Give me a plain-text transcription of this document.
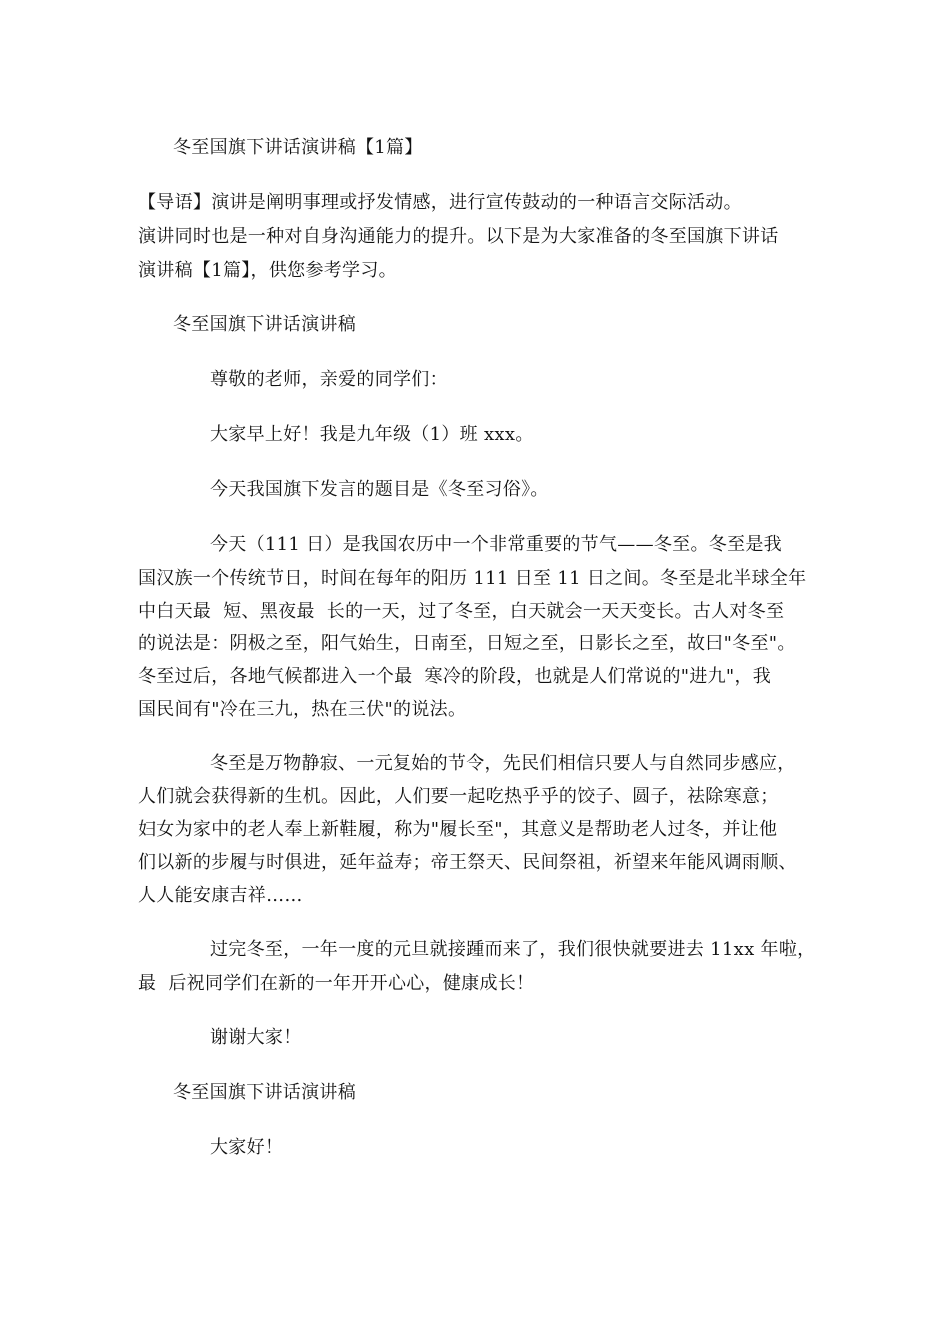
冬至国旗下讲话演讲稿【1篇】
【导语】演讲是阐明事理或抒发情感，进行宣传鼓动的一种语言交际活动。
演讲同时也是一种对自身沟通能力的提升。以下是为大家准备的冬至国旗下讲话
演讲稿【1篇】，供您参考学习。
冬至国旗下讲话演讲稿
尊敬的老师，亲爱的同学们：
大家早上好！我是九年级（1）班 xxx。
今天我国旗下发言的题目是《冬至习俗》。
今天（111 日）是我国农历中一个非常重要的节气——冬至。冬至是我
国汉族一个传统节日，时间在每年的阳历 111 日至 11 日之间。冬至是北半球全年
中白天最  短、黑夜最  长的一天，过了冬至，白天就会一天天变长。古人对冬至
的说法是：阴极之至，阳气始生，日南至，日短之至，日影长之至，故曰"冬至"。
冬至过后，各地气候都进入一个最  寒冷的阶段，也就是人们常说的"进九"，我
国民间有"冷在三九，热在三伏"的说法。
冬至是万物静寂、一元复始的节令，先民们相信只要人与自然同步感应，
人们就会获得新的生机。因此，人们要一起吃热乎乎的饺子、圆子，祛除寒意；
妇女为家中的老人奉上新鞋履，称为"履长至"，其意义是帮助老人过冬，并让他
们以新的步履与时俱进，延年益寿；帝王祭天、民间祭祖，祈望来年能风调雨顺、
人人能安康吉祥……
过完冬至，一年一度的元旦就接踵而来了，我们很快就要进去 11xx 年啦，
最  后祝同学们在新的一年开开心心，健康成长！
谢谢大家！
冬至国旗下讲话演讲稿
大家好！
